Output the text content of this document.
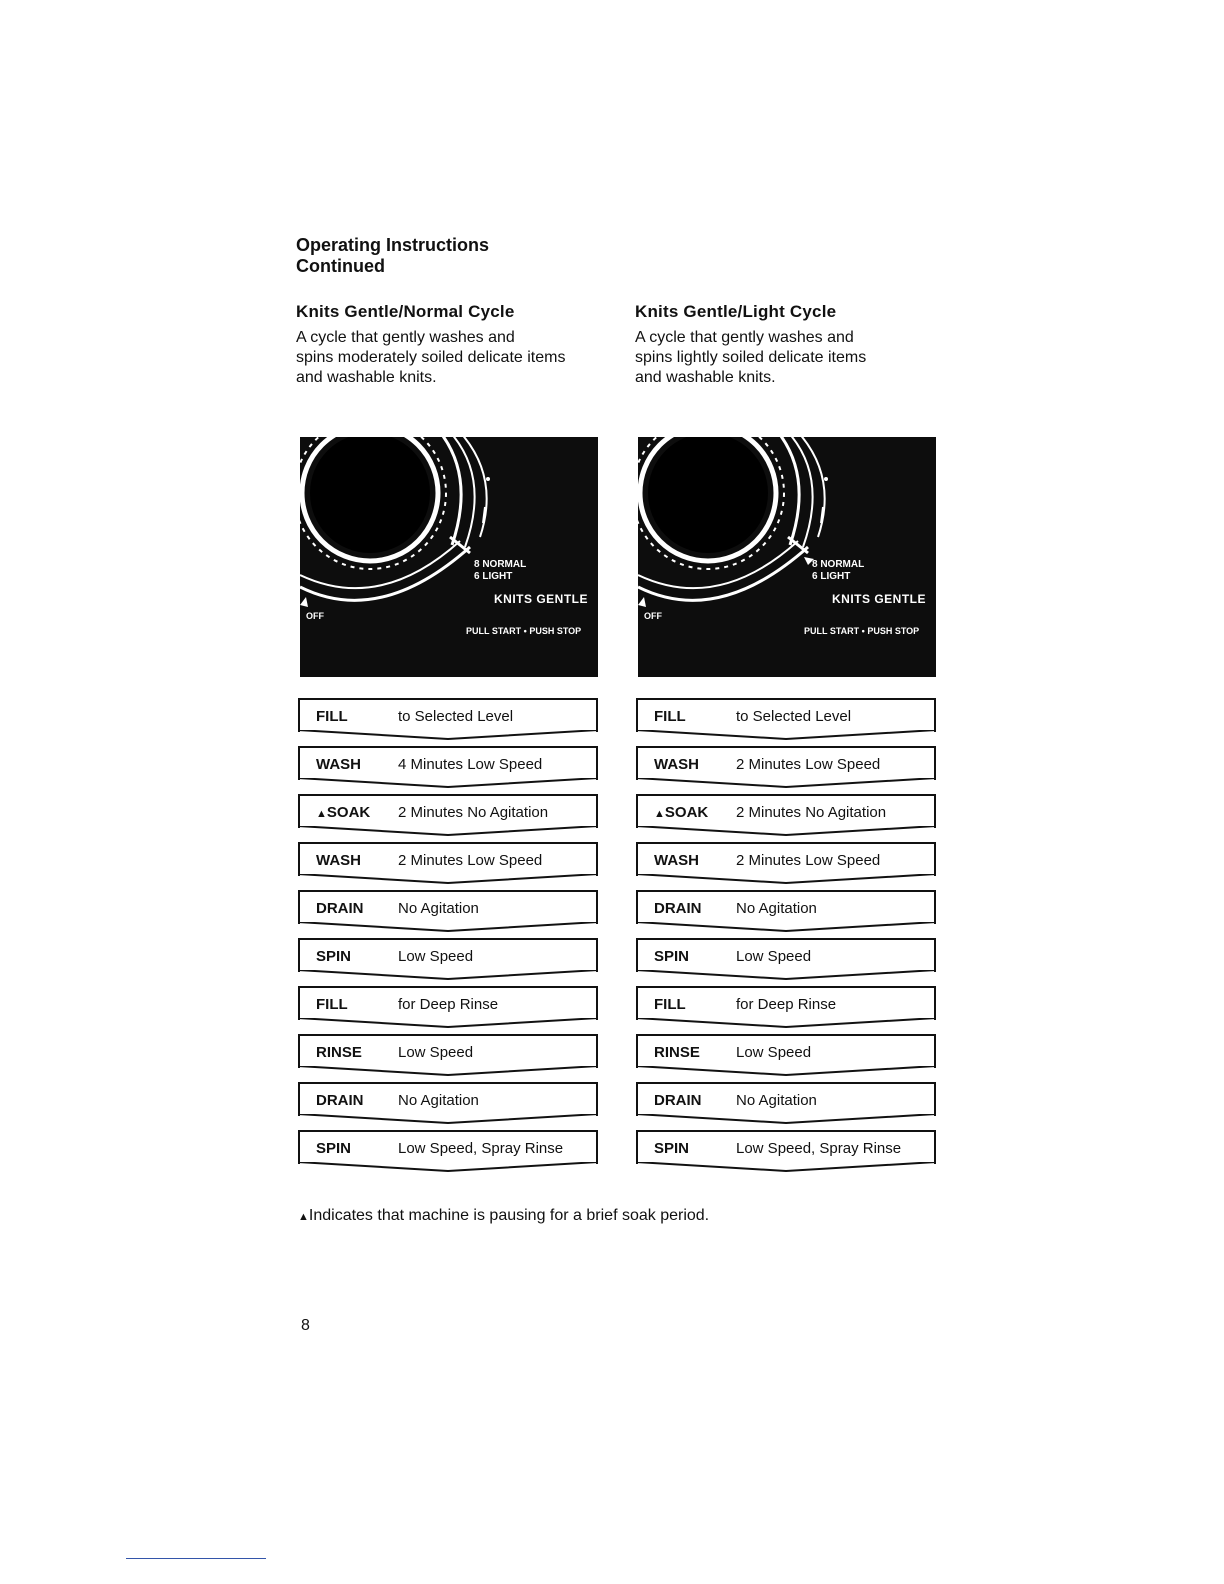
Operating Instructions
Continued
Knits Gentle/Normal Cycle

A cycle that gently washes and
spins moderately soiled delicate items
and washable knits.

Knits Gentle/Light Cycle

A cycle that gently washes and
spins lightly soiled delicate items
and washable knits.

8 NORMAL
6 LIGHT
KNITS GENTLE
OFF
PULL START • PUSH STOP
8 NORMAL
6 LIGHT
KNITS GENTLE
OFF
PULL START • PUSH STOP
FILL	to Selected Level
WASH 4 Minutes Low Speed
▲SOAK 2 Minutes No Agitation
WASH 2 Minutes Low Speed
DRAIN No Agitation
SPIN	Low Speed
FILL	for Deep Rinse
RINSE Low Speed
DRAIN No Agitation
SPIN	Low Speed, Spray Rinse
FILL	to Selected Level
WASH 2 Minutes Low Speed
▲SOAK 2 Minutes No Agitation
WASH 2 Minutes Low Speed
DRAIN No Agitation
SPIN	Low Speed
FILL	for Deep Rinse
RINSE Low Speed
DRAIN No Agitation
SPIN	Low Speed, Spray Rinse
▲Indicates that machine is pausing for a brief soak period.
8
